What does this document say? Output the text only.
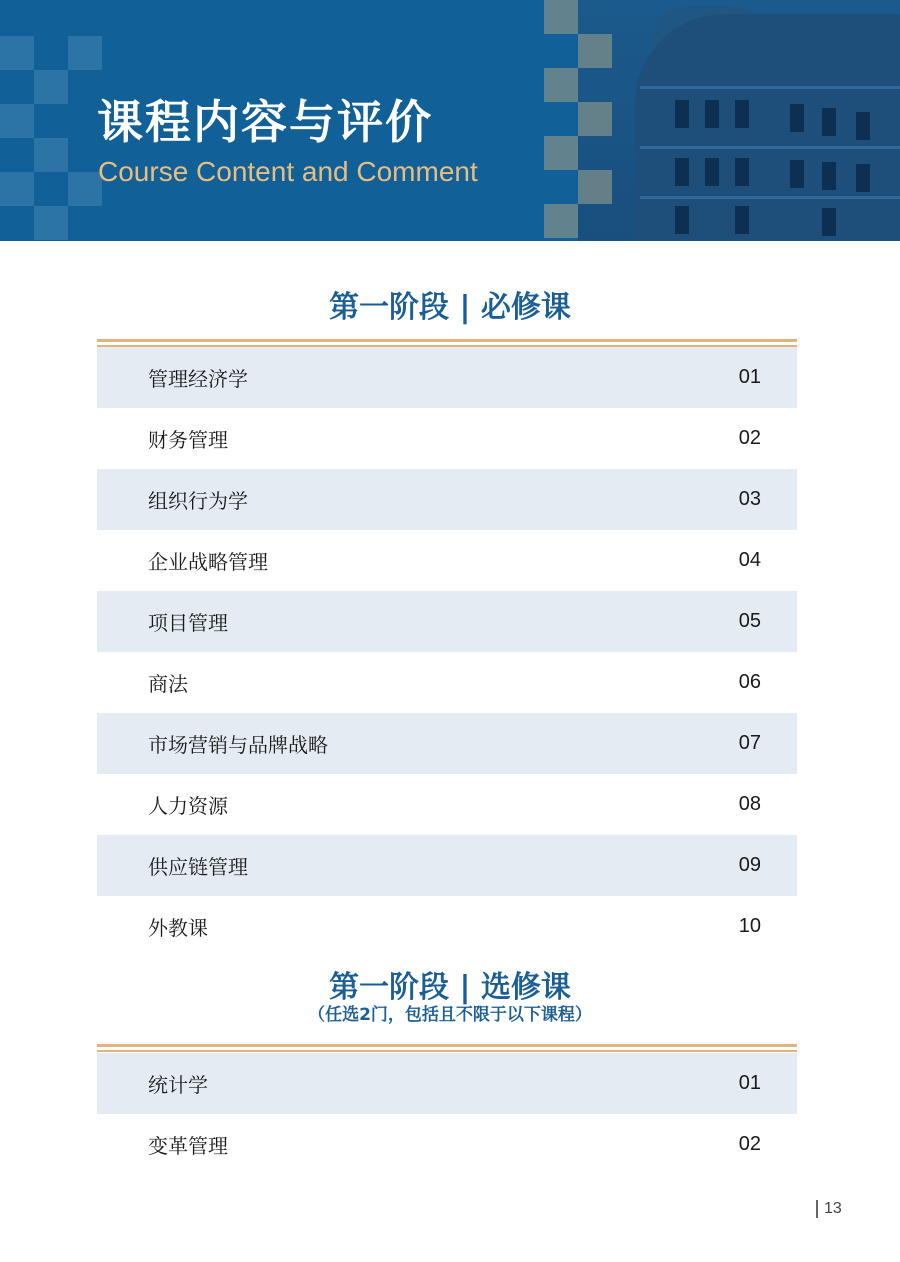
课程内容与评价

Course Content and Comment

第一阶段 | 必修课
管理经济学	01
财务管理	02
组织行为学	03
企业战略管理	04
项目管理	05
商法	06
市场营销与品牌战略	07
人力资源	08
供应链管理	09
外教课	10
第一阶段 | 选修课

（任选2门，包括且不限于以下课程）

统计学	01
变革管理	02
13
